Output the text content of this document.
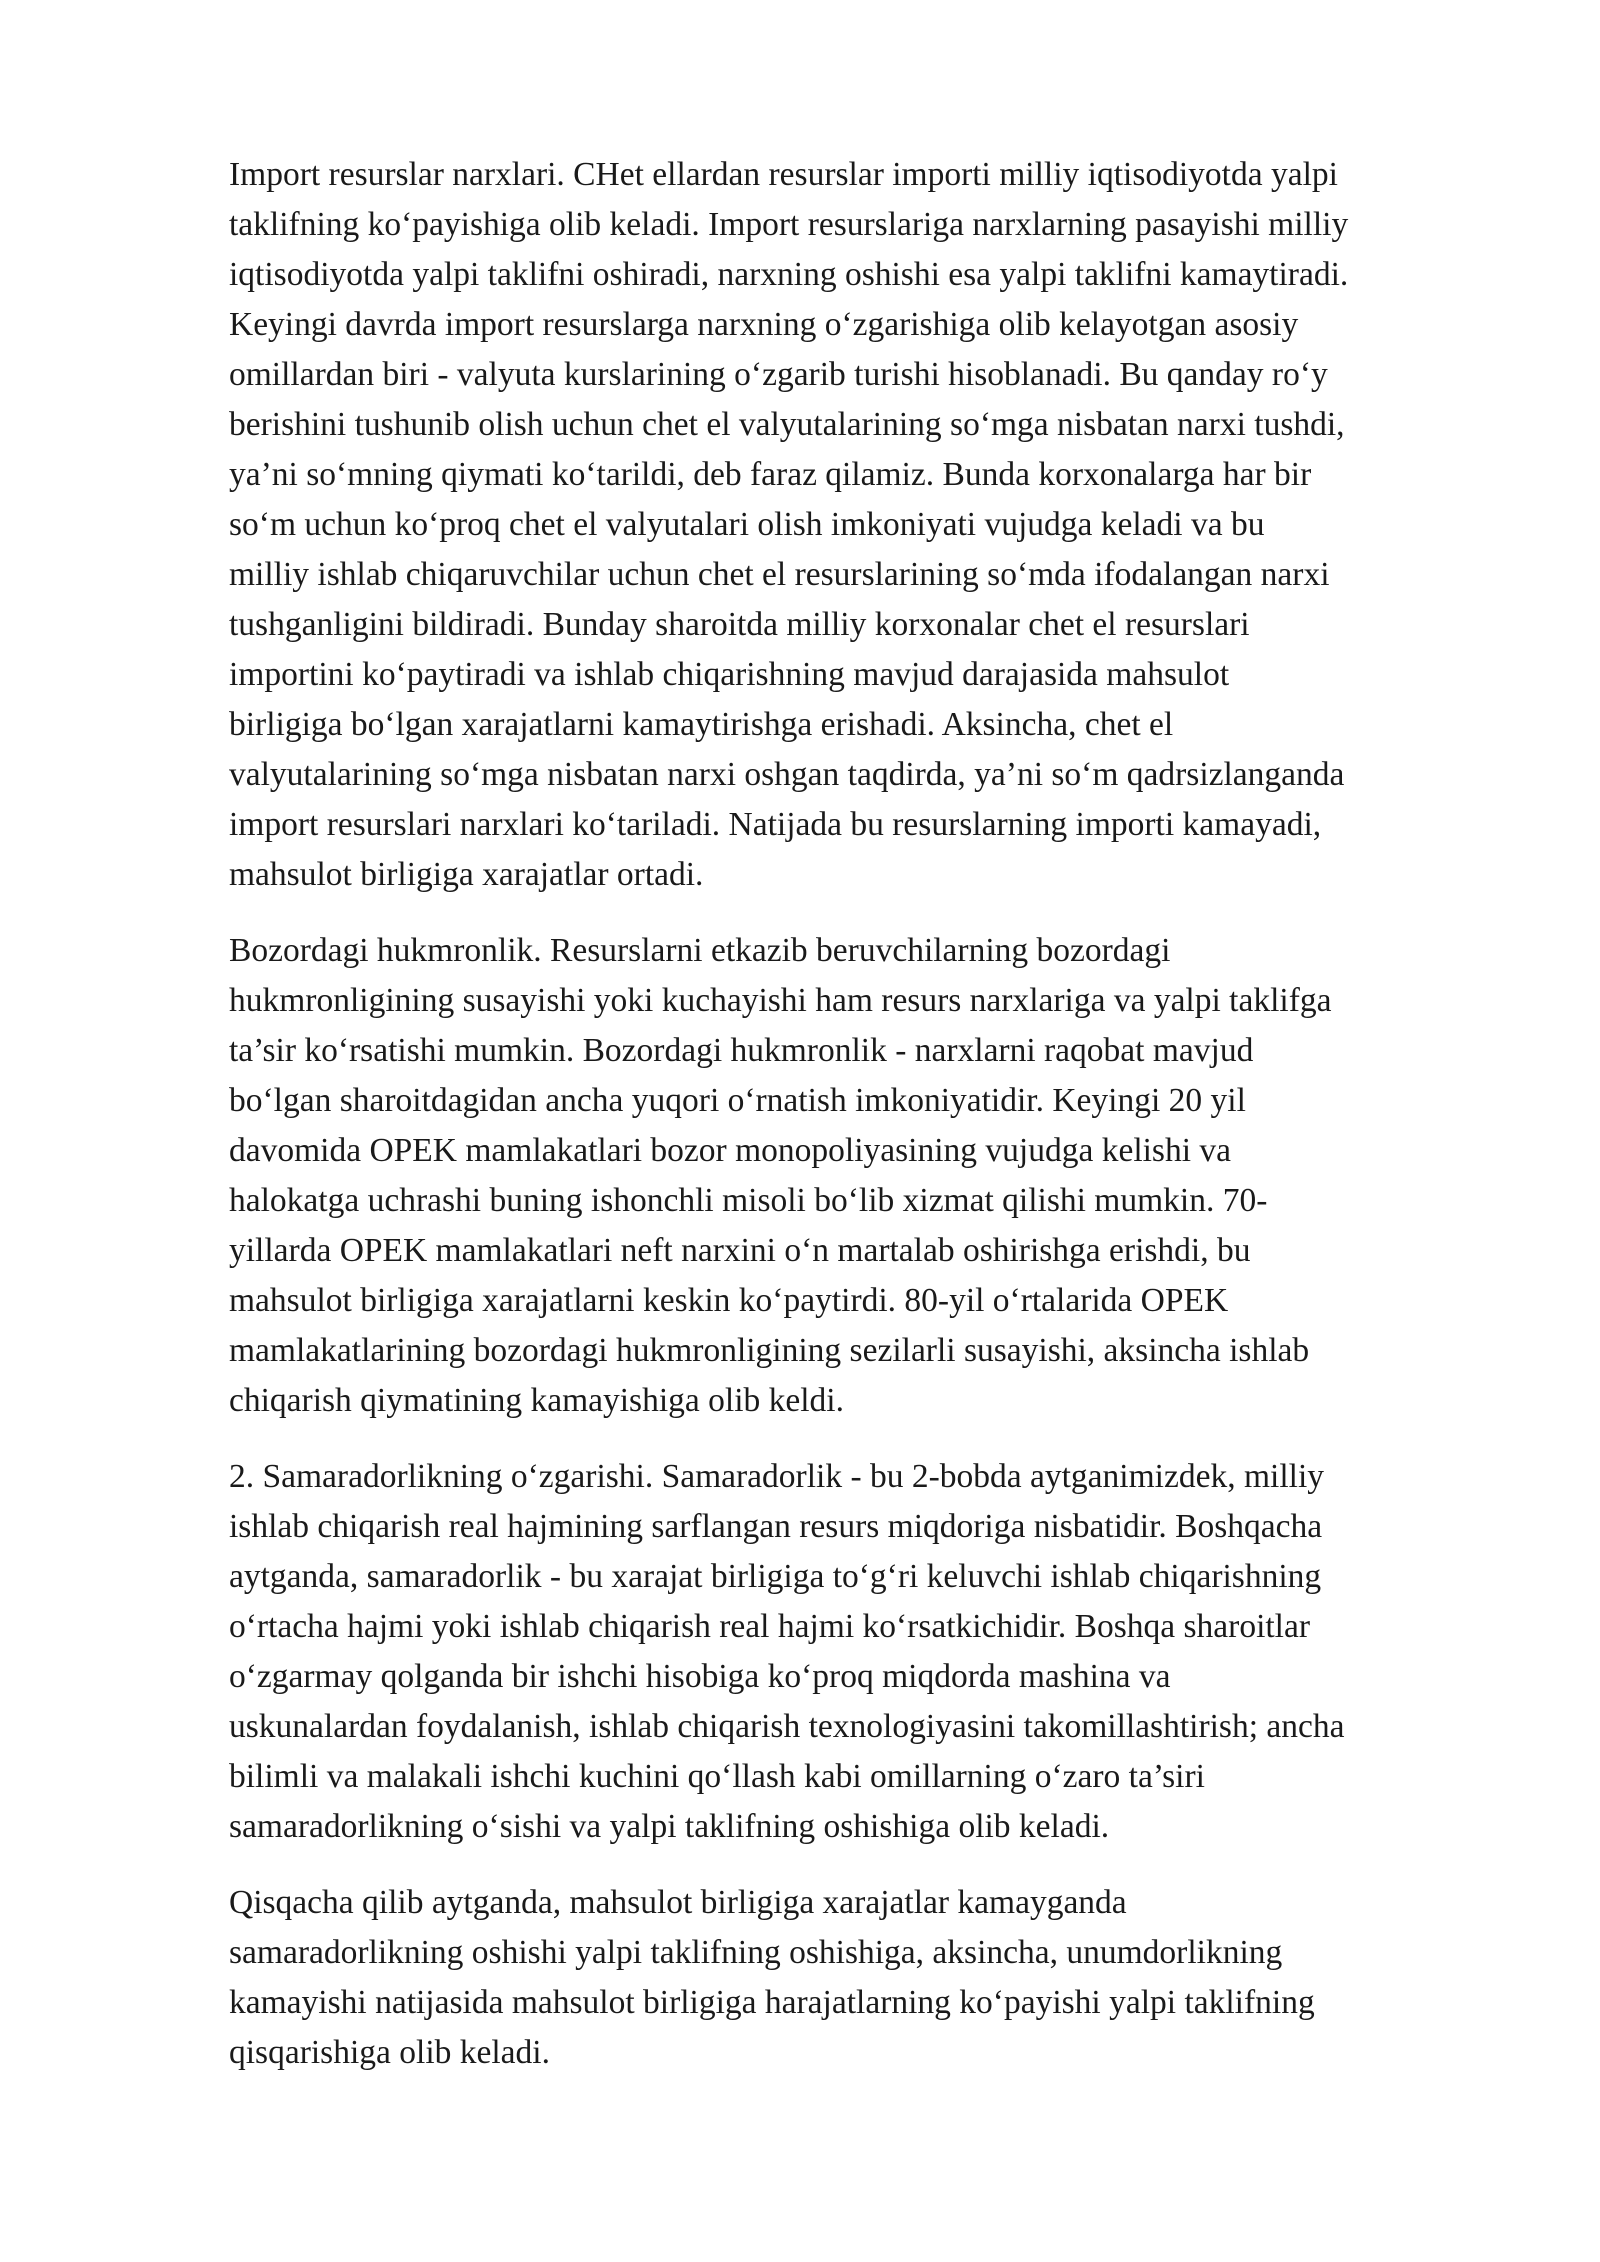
Import resurslar narxlari. CHet ellardan resurslar importi milliy iqtisodiyotda yalpi
taklifning ko‘payishiga olib keladi. Import resurslariga narxlarning pasayishi milliy
iqtisodiyotda yalpi taklifni oshiradi, narxning oshishi esa yalpi taklifni kamaytiradi.
Keyingi davrda import resurslarga narxning o‘zgarishiga olib kelayotgan asosiy
omillardan biri - valyuta kurslarining o‘zgarib turishi hisoblanadi. Bu qanday ro‘y
berishini tushunib olish uchun chet el valyutalarining so‘mga nisbatan narxi tushdi,
ya’ni so‘mning qiymati ko‘tarildi, deb faraz qilamiz. Bunda korxonalarga har bir
so‘m uchun ko‘proq chet el valyutalari olish imkoniyati vujudga keladi va bu
milliy ishlab chiqaruvchilar uchun chet el resurslarining so‘mda ifodalangan narxi
tushganligini bildiradi. Bunday sharoitda milliy korxonalar chet el resurslari
importini ko‘paytiradi va ishlab chiqarishning mavjud darajasida mahsulot
birligiga bo‘lgan xarajatlarni kamaytirishga erishadi. Aksincha, chet el
valyutalarining so‘mga nisbatan narxi oshgan taqdirda, ya’ni so‘m qadrsizlanganda
import resurslari narxlari ko‘tariladi. Natijada bu resurslarning importi kamayadi,
mahsulot birligiga xarajatlar ortadi.

Bozordagi hukmronlik. Resurslarni etkazib beruvchilarning bozordagi
hukmronligining susayishi yoki kuchayishi ham resurs narxlariga va yalpi taklifga
ta’sir ko‘rsatishi mumkin. Bozordagi hukmronlik - narxlarni raqobat mavjud
bo‘lgan sharoitdagidan ancha yuqori o‘rnatish imkoniyatidir. Keyingi 20 yil
davomida OPEK mamlakatlari bozor monopoliyasining vujudga kelishi va
halokatga uchrashi buning ishonchli misoli bo‘lib xizmat qilishi mumkin. 70-
yillarda OPEK mamlakatlari neft narxini o‘n martalab oshirishga erishdi, bu
mahsulot birligiga xarajatlarni keskin ko‘paytirdi. 80-yil o‘rtalarida OPEK
mamlakatlarining bozordagi hukmronligining sezilarli susayishi, aksincha ishlab
chiqarish qiymatining kamayishiga olib keldi.

2. Samaradorlikning o‘zgarishi. Samaradorlik - bu 2-bobda aytganimizdek, milliy
ishlab chiqarish real hajmining sarflangan resurs miqdoriga nisbatidir. Boshqacha
aytganda, samaradorlik - bu xarajat birligiga to‘g‘ri keluvchi ishlab chiqarishning
o‘rtacha hajmi yoki ishlab chiqarish real hajmi ko‘rsatkichidir. Boshqa sharoitlar
o‘zgarmay qolganda bir ishchi hisobiga ko‘proq miqdorda mashina va
uskunalardan foydalanish, ishlab chiqarish texnologiyasini takomillashtirish; ancha
bilimli va malakali ishchi kuchini qo‘llash kabi omillarning o‘zaro ta’siri
samaradorlikning o‘sishi va yalpi taklifning oshishiga olib keladi.

Qisqacha qilib aytganda, mahsulot birligiga xarajatlar kamayganda
samaradorlikning oshishi yalpi taklifning oshishiga, aksincha, unumdorlikning
kamayishi natijasida mahsulot birligiga harajatlarning ko‘payishi yalpi taklifning
qisqarishiga olib keladi.
